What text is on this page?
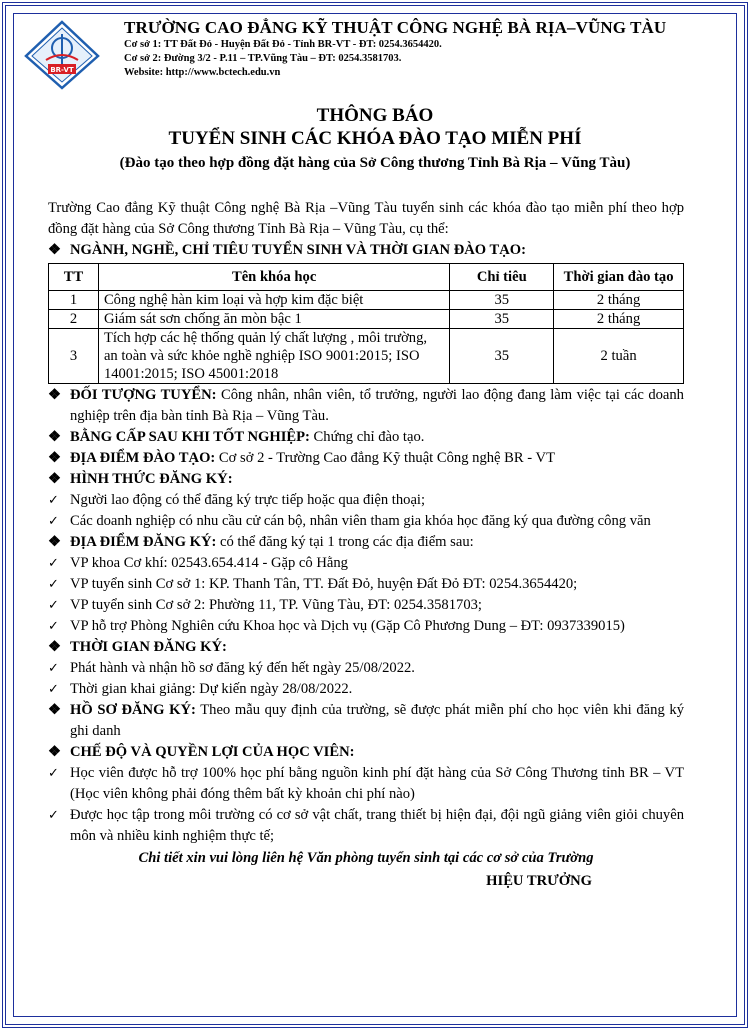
BR-VT
TRƯỜNG CAO ĐẲNG KỸ THUẬT CÔNG NGHỆ BÀ RỊA–VŨNG TÀU
Cơ sở 1: TT Đất Đỏ - Huyện Đất Đỏ - Tỉnh BR-VT - ĐT: 0254.3654420.
Cơ sở 2: Đường 3/2 - P.11 – TP.Vũng Tàu – ĐT: 0254.3581703.
Website: http://www.bctech.edu.vn
THÔNG BÁO
TUYỂN SINH CÁC KHÓA ĐÀO TẠO MIỄN PHÍ
(Đào tạo theo hợp đồng đặt hàng của Sở Công thương Tỉnh Bà Rịa – Vũng Tàu)
Trường Cao đẳng Kỹ thuật Công nghệ Bà Rịa –Vũng Tàu tuyển sinh các khóa đào tạo miễn phí theo hợp đồng đặt hàng của Sở Công thương Tỉnh Bà Rịa – Vũng Tàu, cụ thể:
❖ NGÀNH, NGHỀ, CHỈ TIÊU TUYỂN SINH VÀ THỜI GIAN ĐÀO TẠO:
TT	Tên khóa học	Chỉ tiêu	Thời gian đào tạo
1	Công nghệ hàn kim loại và hợp kim đặc biệt	35	2 tháng
2	Giám sát sơn chống ăn mòn bậc 1	35	2 tháng
3	Tích hợp các hệ thống quản lý chất lượng , môi trường, an toàn và sức khỏe nghề nghiệp ISO 9001:2015; ISO 14001:2015; ISO 45001:2018	35	2 tuần
❖ ĐỐI TƯỢNG TUYỂN: Công nhân, nhân viên, tổ trưởng, người lao động đang làm việc tại các doanh nghiệp trên địa bàn tỉnh Bà Rịa – Vũng Tàu.
❖ BẰNG CẤP SAU KHI TỐT NGHIỆP: Chứng chỉ đào tạo.
❖ ĐỊA ĐIỂM ĐÀO TẠO: Cơ sở 2 - Trường Cao đẳng Kỹ thuật Công nghệ BR - VT
❖ HÌNH THỨC ĐĂNG KÝ:
✓ Người lao động có thể đăng ký trực tiếp hoặc qua điện thoại;
✓ Các doanh nghiệp có nhu cầu cử cán bộ, nhân viên tham gia khóa học đăng ký qua đường công văn
❖ ĐỊA ĐIỂM ĐĂNG KÝ: có thể đăng ký tại 1 trong các địa điểm sau:
✓ VP khoa Cơ khí: 02543.654.414 - Gặp cô Hằng
✓ VP tuyển sinh Cơ sở 1: KP. Thanh Tân, TT. Đất Đỏ, huyện Đất Đỏ ĐT: 0254.3654420;
✓ VP tuyển sinh Cơ sở 2: Phường 11, TP. Vũng Tàu, ĐT: 0254.3581703;
✓ VP hỗ trợ Phòng Nghiên cứu Khoa học và Dịch vụ (Gặp Cô Phương Dung – ĐT: 0937339015)
❖ THỜI GIAN ĐĂNG KÝ:
✓ Phát hành và nhận hồ sơ đăng ký đến hết ngày 25/08/2022.
✓ Thời gian khai giảng: Dự kiến ngày 28/08/2022.
❖ HỒ SƠ ĐĂNG KÝ: Theo mẫu quy định của trường, sẽ được phát miễn phí cho học viên khi đăng ký ghi danh
❖ CHẾ ĐỘ VÀ QUYỀN LỢI CỦA HỌC VIÊN:
✓ Học viên được hỗ trợ 100% học phí bằng nguồn kinh phí đặt hàng của Sở Công Thương tỉnh BR – VT (Học viên không phải đóng thêm bất kỳ khoản chi phí nào)
✓ Được học tập trong môi trường có cơ sở vật chất, trang thiết bị hiện đại, đội ngũ giảng viên giỏi chuyên môn và nhiều kinh nghiệm thực tế;
Chi tiết xin vui lòng liên hệ Văn phòng tuyển sinh tại các cơ sở của Trường
HIỆU TRƯỞNG
